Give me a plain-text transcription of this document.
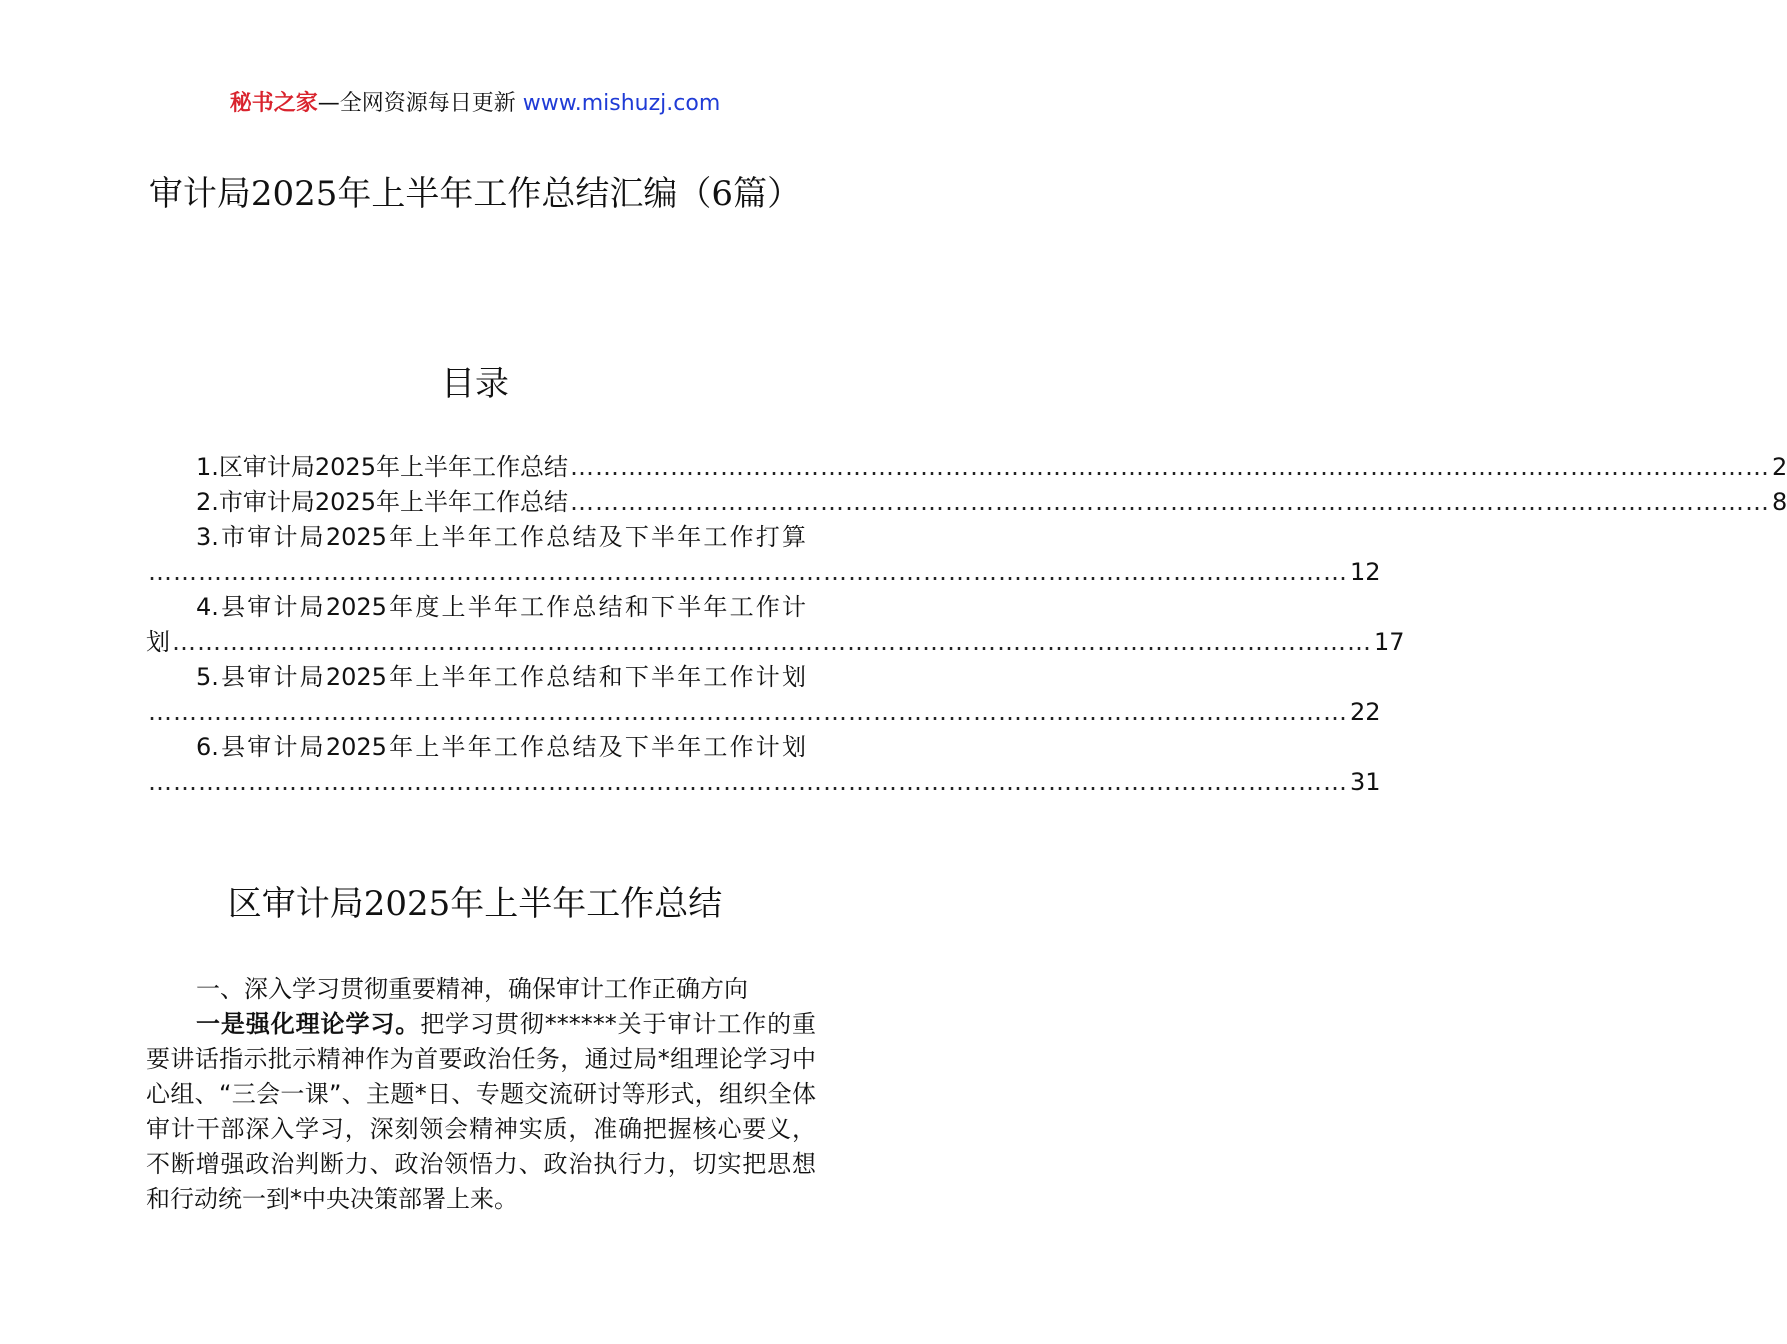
秘书之家—全网资源每日更新 www.mishuzj.com
审计局2025年上半年工作总结汇编（6篇）
目录
1.区审计局2025年上半年工作总结 ……………………………………………………………………………………………………………………………… 2
2.市审计局2025年上半年工作总结 ……………………………………………………………………………………………………………………………… 8
3.市审计局2025年上半年工作总结及下半年工作打算
……………………………………………………………………………………………………………………………… 12
4.县审计局2025年度上半年工作总结和下半年工作计
划 ……………………………………………………………………………………………………………………………… 17
5.县审计局2025年上半年工作总结和下半年工作计划
……………………………………………………………………………………………………………………………… 22
6.县审计局2025年上半年工作总结及下半年工作计划
……………………………………………………………………………………………………………………………… 31
区审计局2025年上半年工作总结
一、深入学习贯彻重要精神，确保审计工作正确方向
一是强化理论学习。把学习贯彻******关于审计工作的重要讲话指示批示精神作为首要政治任务，通过局*组理论学习中心组、“三会一课”、主题*日、专题交流研讨等形式，组织全体审计干部深入学习，深刻领会精神实质，准确把握核心要义，不断增强政治判断力、政治领悟力、政治执行力，切实把思想和行动统一到*中央决策部署上来。
